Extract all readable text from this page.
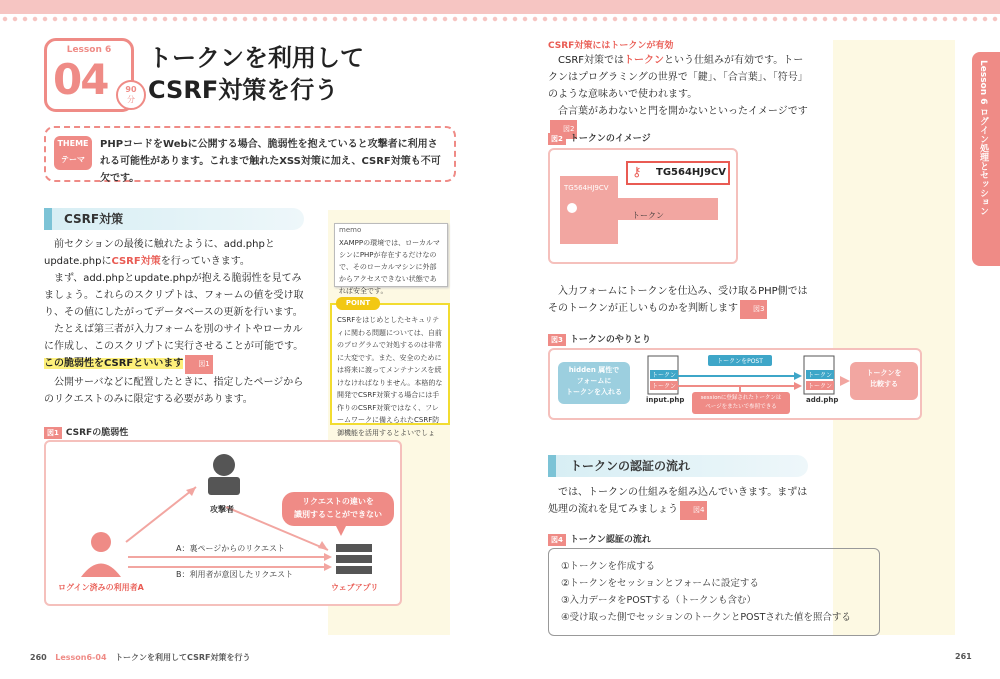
Lesson 6
04	90
分
トークンを利用して
CSRF対策を行う
THEME
テーマ
PHPコードをWebに公開する場合、脆弱性を抱えていると攻撃者に利用される可能性があります。これまで触れたXSS対策に加え、CSRF対策も不可欠です。
CSRF対策
前セクションの最後に触れたように、add.phpとupdate.phpにCSRF対策を行っていきます。
まず、add.phpとupdate.phpが抱える脆弱性を見てみましょう。これらのスクリプトは、フォームの値を受け取り、その値にしたがってデータベースの更新を行います。
たとえば第三者が入力フォームを別のサイトやローカルに作成し、このスクリプトに実行させることが可能です。この脆弱性をCSRFといいます 図1
公開サーバなどに配置したときに、指定したページからのリクエストのみに限定する必要があります。
memo
XAMPPの環境では、ローカルマシンにPHPが存在するだけなので、そのローカルマシンに外部からアクセスできない状態であれば安全です。
POINT
CSRFをはじめとしたセキュリティに関わる問題については、自前のプログラムで対処するのは非常に大変です。また、安全のためには将来に渡ってメンテナンスを続けなければなりません。本格的な開発でCSRF対策する場合には手作りのCSRF対策ではなく、フレームワークに備えられたCSRF防御機能を活用するとよいでしょ
図1 CSRFの脆弱性
攻撃者
ログイン済みの利用者A	ウェブアプリ
リクエストの違いを
識別することができない
A：裏ページからのリクエスト
B：利用者が意図したリクエスト
CSRF対策にはトークンが有効
CSRF対策ではトークンという仕組みが有効です。トークンはプログラミングの世界で「鍵」、「合言葉」、「符号」のような意味あいで使われます。
合言葉があわないと門を開かないといったイメージです図2
図2 トークンのイメージ
TG564HJ9CV
⚷ TG564HJ9CV
トークン
入力フォームにトークンを仕込み、受け取るPHP側ではそのトークンが正しいものかを判断します 図3
図3 トークンのやりとり
hidden 属性で
フォームに
トークンを入れる
トークン
トークン
トークン
トークン
トークンをPOST
input.php	add.php
トークンを
比較する
sessionに登録されたトークンは
ページをまたいで参照できる
トークンの認証の流れ
では、トークンの仕組みを組み込んでいきます。まずは処理の流れを見てみましょう 図4
図4 トークン認証の流れ
①トークンを作成する
②トークンをセッションとフォームに設定する
③入力データをPOSTする（トークンも含む）
④受け取った側でセッションのトークンとPOSTされた値を照合する
Lesson 6 ログイン処理とセッション
260 Lesson6-04 トークンを利用してCSRF対策を行う	261
